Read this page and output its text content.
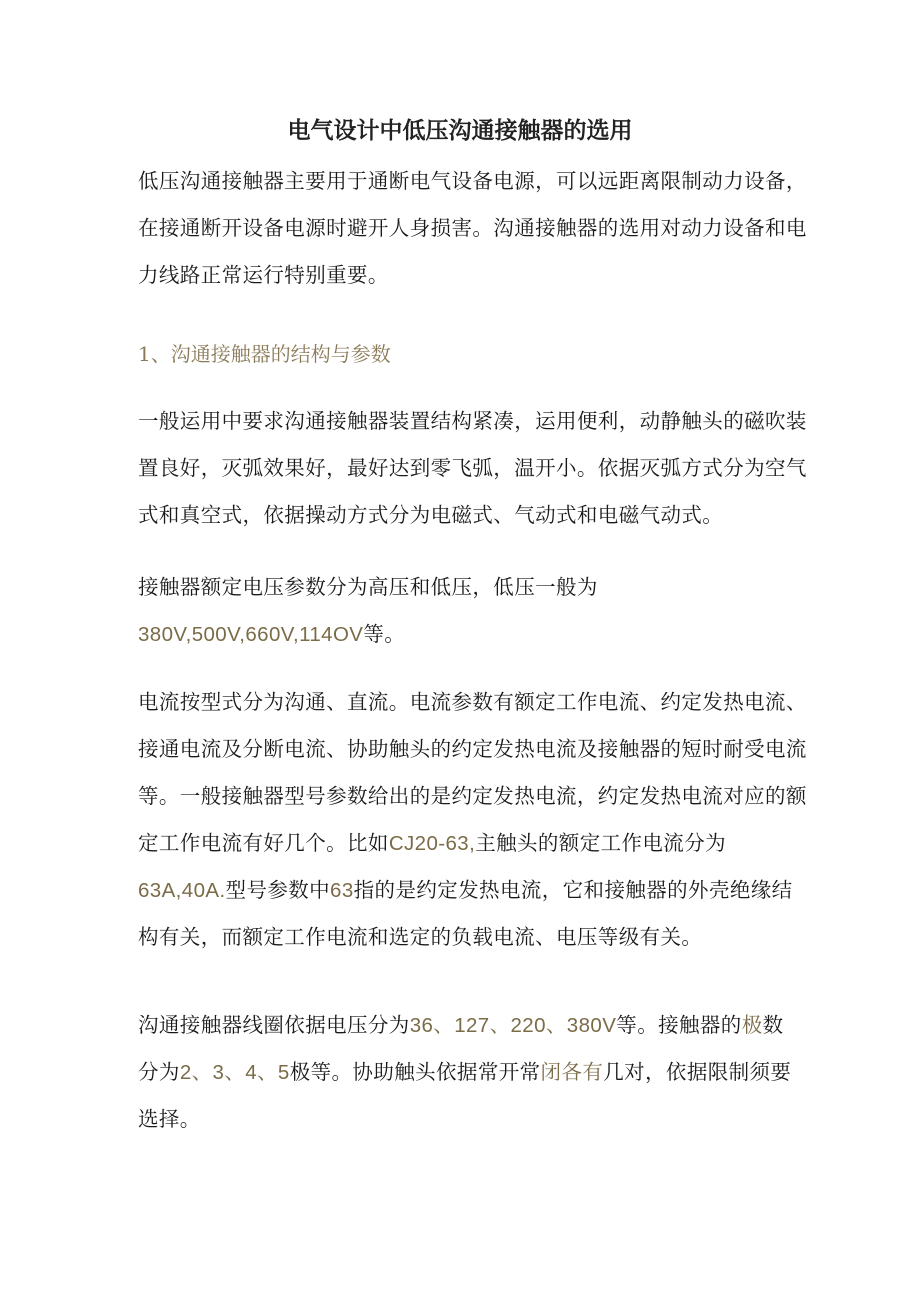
电气设计中低压沟通接触器的选用

低压沟通接触器主要用于通断电气设备电源，可以远距离限制动力设备，
在接通断开设备电源时避开人身损害。沟通接触器的选用对动力设备和电
力线路正常运行特别重要。

1、沟通接触器的结构与参数

一般运用中要求沟通接触器装置结构紧凑，运用便利，动静触头的磁吹装
置良好，灭弧效果好，最好达到零飞弧，温开小。依据灭弧方式分为空气
式和真空式，依据操动方式分为电磁式、气动式和电磁气动式。

接触器额定电压参数分为高压和低压，低压一般为
380V,500V,660V,114OV等。

电流按型式分为沟通、直流。电流参数有额定工作电流、约定发热电流、
接通电流及分断电流、协助触头的约定发热电流及接触器的短时耐受电流
等。一般接触器型号参数给出的是约定发热电流，约定发热电流对应的额
定工作电流有好几个。比如CJ20-63,主触头的额定工作电流分为
63A,40A.型号参数中63指的是约定发热电流，它和接触器的外壳绝缘结
构有关，而额定工作电流和选定的负载电流、电压等级有关。

沟通接触器线圈依据电压分为36、127、220、380V等。接触器的极数
分为2、3、4、5极等。协助触头依据常开常闭各有几对，依据限制须要
选择。
